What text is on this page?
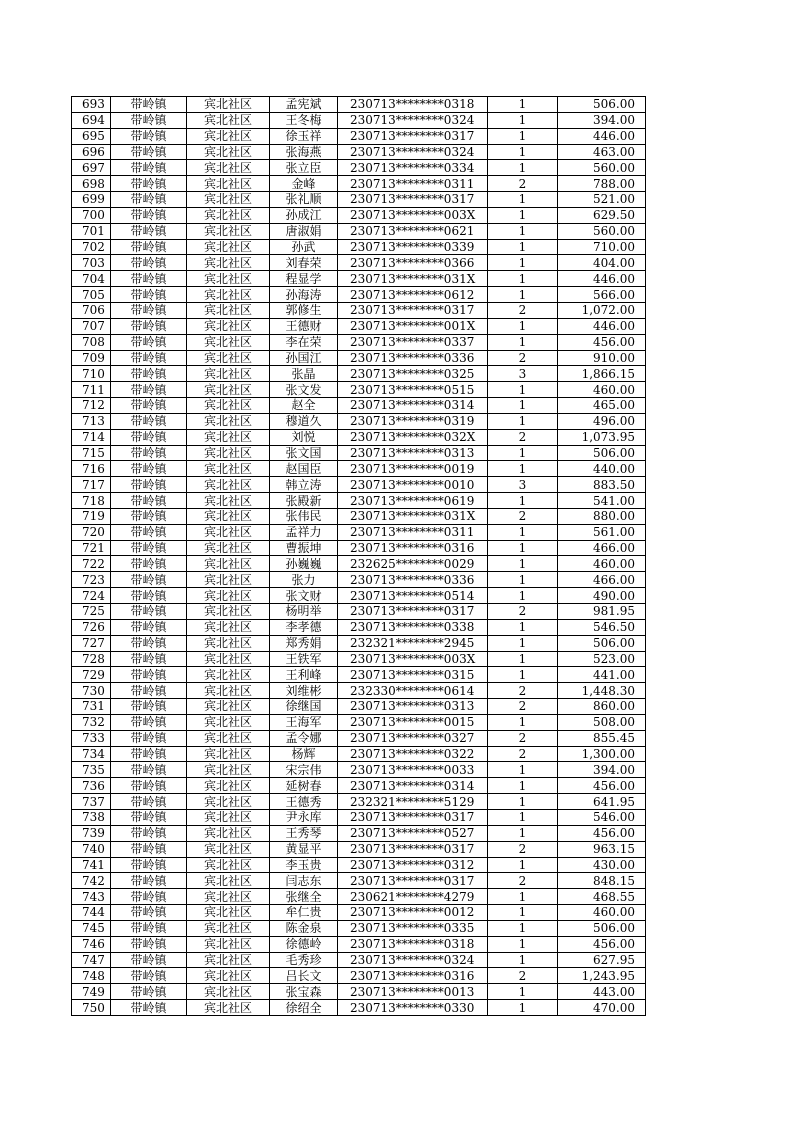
693	带岭镇	宾北社区	孟宪斌	230713********0318	1	506.00
694	带岭镇	宾北社区	王冬梅	230713********0324	1	394.00
695	带岭镇	宾北社区	徐玉祥	230713********0317	1	446.00
696	带岭镇	宾北社区	张海燕	230713********0324	1	463.00
697	带岭镇	宾北社区	张立臣	230713********0334	1	560.00
698	带岭镇	宾北社区	金峰	230713********0311	2	788.00
699	带岭镇	宾北社区	张礼顺	230713********0317	1	521.00
700	带岭镇	宾北社区	孙成江	230713********003X	1	629.50
701	带岭镇	宾北社区	唐淑娟	230713********0621	1	560.00
702	带岭镇	宾北社区	孙武	230713********0339	1	710.00
703	带岭镇	宾北社区	刘春荣	230713********0366	1	404.00
704	带岭镇	宾北社区	程显学	230713********031X	1	446.00
705	带岭镇	宾北社区	孙海涛	230713********0612	1	566.00
706	带岭镇	宾北社区	郭修生	230713********0317	2	1,072.00
707	带岭镇	宾北社区	王德财	230713********001X	1	446.00
708	带岭镇	宾北社区	李在荣	230713********0337	1	456.00
709	带岭镇	宾北社区	孙国江	230713********0336	2	910.00
710	带岭镇	宾北社区	张晶	230713********0325	3	1,866.15
711	带岭镇	宾北社区	张文发	230713********0515	1	460.00
712	带岭镇	宾北社区	赵全	230713********0314	1	465.00
713	带岭镇	宾北社区	穆道久	230713********0319	1	496.00
714	带岭镇	宾北社区	刘悦	230713********032X	2	1,073.95
715	带岭镇	宾北社区	张文国	230713********0313	1	506.00
716	带岭镇	宾北社区	赵国臣	230713********0019	1	440.00
717	带岭镇	宾北社区	韩立涛	230713********0010	3	883.50
718	带岭镇	宾北社区	张殿新	230713********0619	1	541.00
719	带岭镇	宾北社区	张伟民	230713********031X	2	880.00
720	带岭镇	宾北社区	孟祥力	230713********0311	1	561.00
721	带岭镇	宾北社区	曹振坤	230713********0316	1	466.00
722	带岭镇	宾北社区	孙巍巍	232625********0029	1	460.00
723	带岭镇	宾北社区	张力	230713********0336	1	466.00
724	带岭镇	宾北社区	张文财	230713********0514	1	490.00
725	带岭镇	宾北社区	杨明举	230713********0317	2	981.95
726	带岭镇	宾北社区	李孝德	230713********0338	1	546.50
727	带岭镇	宾北社区	郑秀娟	232321********2945	1	506.00
728	带岭镇	宾北社区	王铁军	230713********003X	1	523.00
729	带岭镇	宾北社区	王利峰	230713********0315	1	441.00
730	带岭镇	宾北社区	刘维彬	232330********0614	2	1,448.30
731	带岭镇	宾北社区	徐继国	230713********0313	2	860.00
732	带岭镇	宾北社区	王海军	230713********0015	1	508.00
733	带岭镇	宾北社区	孟令娜	230713********0327	2	855.45
734	带岭镇	宾北社区	杨辉	230713********0322	2	1,300.00
735	带岭镇	宾北社区	宋宗伟	230713********0033	1	394.00
736	带岭镇	宾北社区	延树春	230713********0314	1	456.00
737	带岭镇	宾北社区	王德秀	232321********5129	1	641.95
738	带岭镇	宾北社区	尹永库	230713********0317	1	546.00
739	带岭镇	宾北社区	王秀琴	230713********0527	1	456.00
740	带岭镇	宾北社区	黄显平	230713********0317	2	963.15
741	带岭镇	宾北社区	李玉贵	230713********0312	1	430.00
742	带岭镇	宾北社区	闫志东	230713********0317	2	848.15
743	带岭镇	宾北社区	张继全	230621********4279	1	468.55
744	带岭镇	宾北社区	牟仁贵	230713********0012	1	460.00
745	带岭镇	宾北社区	陈金泉	230713********0335	1	506.00
746	带岭镇	宾北社区	徐德岭	230713********0318	1	456.00
747	带岭镇	宾北社区	毛秀珍	230713********0324	1	627.95
748	带岭镇	宾北社区	吕长文	230713********0316	2	1,243.95
749	带岭镇	宾北社区	张宝森	230713********0013	1	443.00
750	带岭镇	宾北社区	徐绍全	230713********0330	1	470.00
